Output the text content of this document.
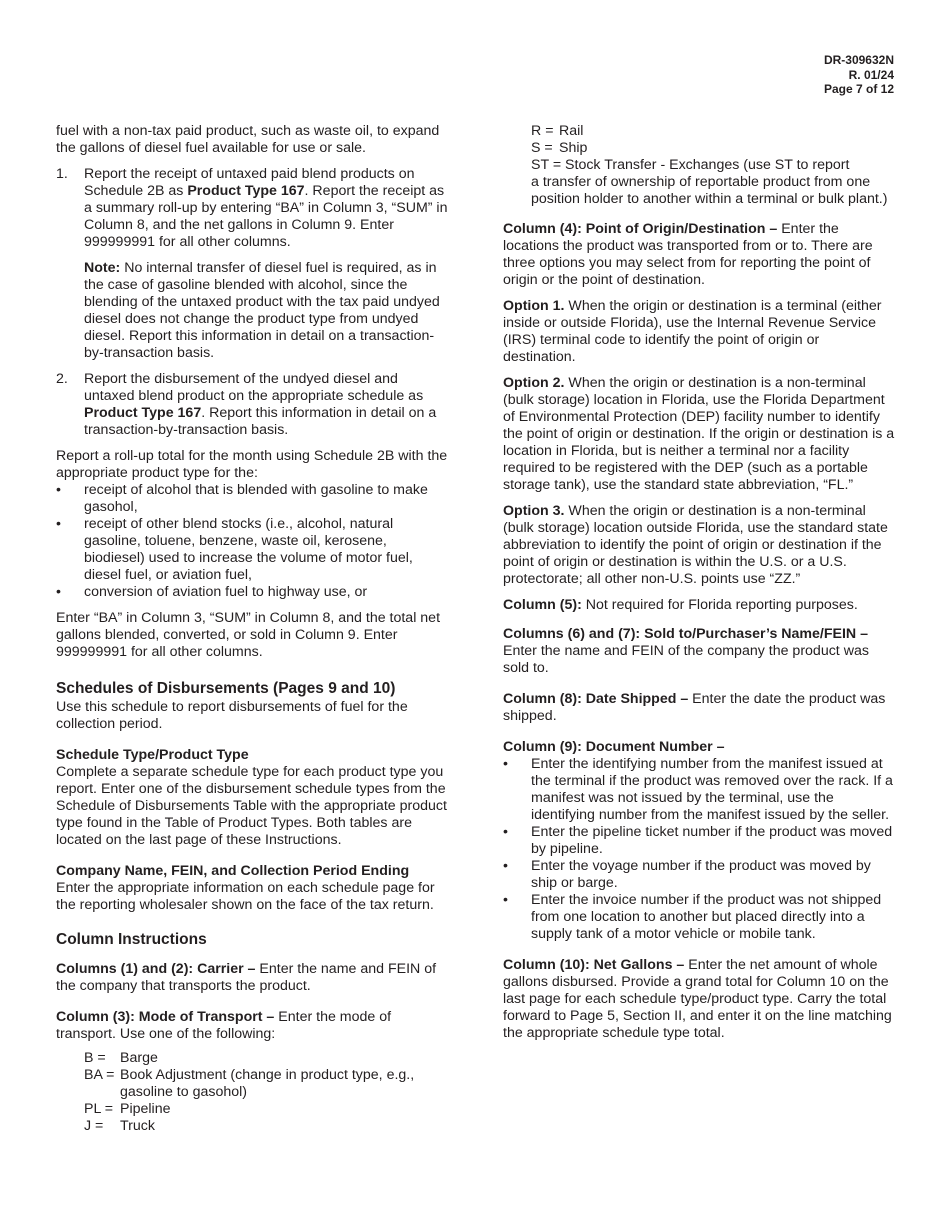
DR-309632N
R. 01/24
Page 7 of 12

fuel with a non-tax paid product, such as waste oil, to expand the gallons of diesel fuel available for use or sale.

1. Report the receipt of untaxed paid blend products on Schedule 2B as Product Type 167. Report the receipt as a summary roll-up by entering “BA” in Column 3, “SUM” in Column 8, and the net gallons in Column 9. Enter 999999991 for all other columns.
Note: No internal transfer of diesel fuel is required, as in the case of gasoline blended with alcohol, since the blending of the untaxed product with the tax paid undyed diesel does not change the product type from undyed diesel. Report this information in detail on a transaction-by-transaction basis.
2. Report the disbursement of the undyed diesel and untaxed blend product on the appropriate schedule as Product Type 167. Report this information in detail on a transaction-by-transaction basis.
Report a roll-up total for the month using Schedule 2B with the appropriate product type for the:
• receipt of alcohol that is blended with gasoline to make gasohol,
• receipt of other blend stocks (i.e., alcohol, natural gasoline, toluene, benzene, waste oil, kerosene, biodiesel) used to increase the volume of motor fuel, diesel fuel, or aviation fuel,
• conversion of aviation fuel to highway use, or

Enter “BA” in Column 3, “SUM” in Column 8, and the total net gallons blended, converted, or sold in Column 9. Enter 999999991 for all other columns.

Schedules of Disbursements (Pages 9 and 10)

Use this schedule to report disbursements of fuel for the collection period.

Schedule Type/Product Type
Complete a separate schedule type for each product type you report. Enter one of the disbursement schedule types from the Schedule of Disbursements Table with the appropriate product type found in the Table of Product Types. Both tables are located on the last page of these Instructions.
Company Name, FEIN, and Collection Period Ending
Enter the appropriate information on each schedule page for the reporting wholesaler shown on the face of the tax return.
Column Instructions

Columns (1) and (2): Carrier – Enter the name and FEIN of the company that transports the product.

Column (3): Mode of Transport – Enter the mode of transport. Use one of the following:
B = Barge
BA = Book Adjustment (change in product type, e.g.,
gasoline to gasohol)
PL = Pipeline
J = Truck
R = Rail
S = Ship
ST = Stock Transfer - Exchanges (use ST to report
a transfer of ownership of reportable product from one position holder to another within a terminal or bulk plant.)

Column (4): Point of Origin/Destination – Enter the locations the product was transported from or to. There are three options you may select from for reporting the point of origin or the point of destination.

Option 1. When the origin or destination is a terminal (either inside or outside Florida), use the Internal Revenue Service (IRS) terminal code to identify the point of origin or destination.

Option 2. When the origin or destination is a non-terminal (bulk storage) location in Florida, use the Florida Department of Environmental Protection (DEP) facility number to identify the point of origin or destination. If the origin or destination is a location in Florida, but is neither a terminal nor a facility required to be registered with the DEP (such as a portable storage tank), use the standard state abbreviation, “FL.”

Option 3. When the origin or destination is a non-terminal (bulk storage) location outside Florida, use the standard state abbreviation to identify the point of origin or destination if the point of origin or destination is within the U.S. or a U.S. protectorate; all other non-U.S. points use “ZZ.”

Column (5): Not required for Florida reporting purposes.

Columns (6) and (7): Sold to/Purchaser’s Name/FEIN – Enter the name and FEIN of the company the product was sold to.

Column (8): Date Shipped – Enter the date the product was shipped.

Column (9): Document Number –
• Enter the identifying number from the manifest issued at the terminal if the product was removed over the rack. If a manifest was not issued by the terminal, use the identifying number from the manifest issued by the seller.
• Enter the pipeline ticket number if the product was moved by pipeline.
• Enter the voyage number if the product was moved by ship or barge.
• Enter the invoice number if the product was not shipped from one location to another but placed directly into a supply tank of a motor vehicle or mobile tank.

Column (10): Net Gallons – Enter the net amount of whole gallons disbursed. Provide a grand total for Column 10 on the last page for each schedule type/product type. Carry the total forward to Page 5, Section II, and enter it on the line matching the appropriate schedule type total.
